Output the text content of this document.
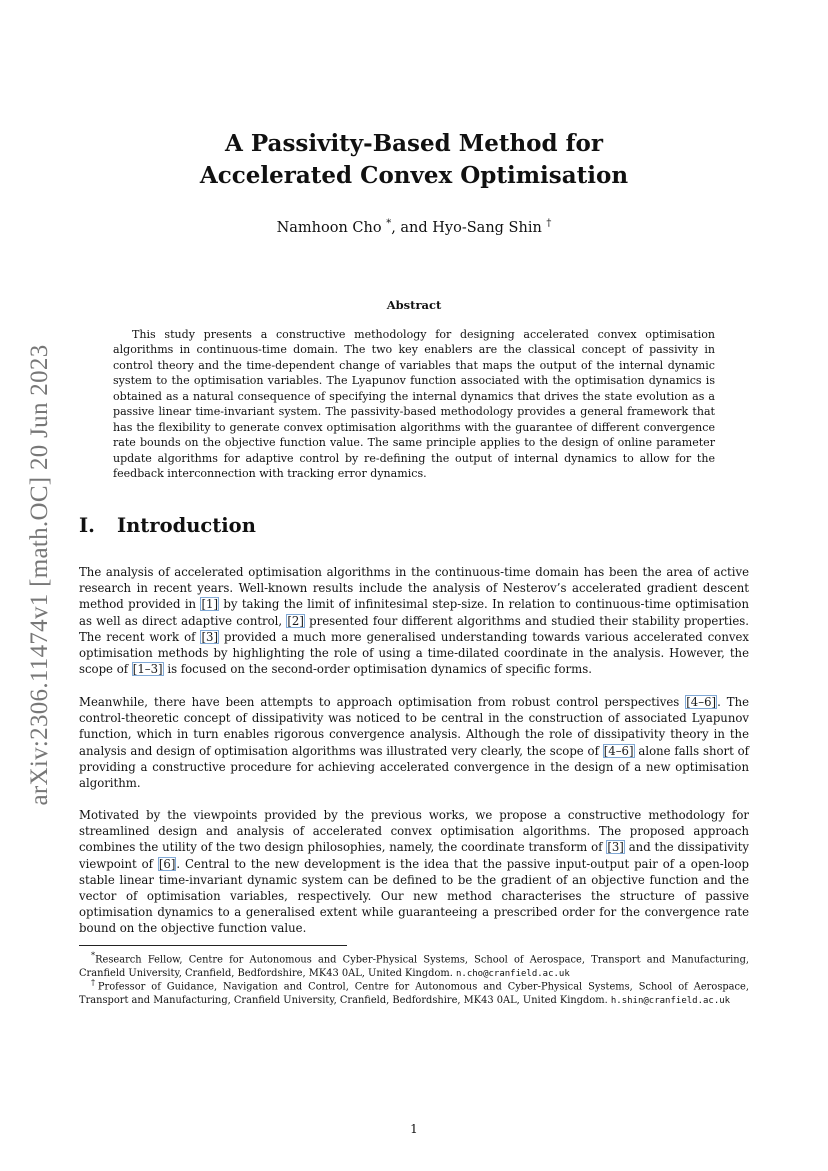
arXiv:2306.11474v1 [math.OC] 20 Jun 2023
A Passivity-Based Method for
Accelerated Convex Optimisation
Namhoon Cho *, and Hyo-Sang Shin †
Abstract

This study presents a constructive methodology for designing accelerated convex optimisation algorithms in continuous-time domain. The two key enablers are the classical concept of passivity in control theory and the time-dependent change of variables that maps the output of the internal dynamic system to the optimisation variables. The Lyapunov function associated with the optimisation dynamics is obtained as a natural consequence of specifying the internal dynamics that drives the state evolution as a passive linear time-invariant system. The passivity-based methodology provides a general framework that has the flexibility to generate convex optimisation algorithms with the guarantee of different convergence rate bounds on the objective function value. The same principle applies to the design of online parameter update algorithms for adaptive control by re-defining the output of internal dynamics to allow for the feedback interconnection with tracking error dynamics.

I. Introduction

The analysis of accelerated optimisation algorithms in the continuous-time domain has been the area of active research in recent years. Well-known results include the analysis of Nesterov’s accelerated gradient descent method provided in [1] by taking the limit of infinitesimal step-size. In relation to continuous-time optimisation as well as direct adaptive control, [2] presented four different algorithms and studied their stability properties. The recent work of [3] provided a much more generalised understanding towards various accelerated convex optimisation methods by highlighting the role of using a time-dilated coordinate in the analysis. However, the scope of [1–3] is focused on the second-order optimisation dynamics of specific forms.

Meanwhile, there have been attempts to approach optimisation from robust control perspectives [4–6]. The control-theoretic concept of dissipativity was noticed to be central in the construction of associated Lyapunov function, which in turn enables rigorous convergence analysis. Although the role of dissipativity theory in the analysis and design of optimisation algorithms was illustrated very clearly, the scope of [4–6] alone falls short of providing a constructive procedure for achieving accelerated convergence in the design of a new optimisation algorithm.

Motivated by the viewpoints provided by the previous works, we propose a constructive methodology for streamlined design and analysis of accelerated convex optimisation algorithms. The proposed approach combines the utility of the two design philosophies, namely, the coordinate transform of [3] and the dissipativity viewpoint of [6]. Central to the new development is the idea that the passive input-output pair of a open-loop stable linear time-invariant dynamic system can be defined to be the gradient of an objective function and the vector of optimisation variables, respectively. Our new method characterises the structure of passive optimisation dynamics to a generalised extent while guaranteeing a prescribed order for the convergence rate bound on the objective function value.

*Research Fellow, Centre for Autonomous and Cyber-Physical Systems, School of Aerospace, Transport and Manufacturing, Cranfield University, Cranfield, Bedfordshire, MK43 0AL, United Kingdom. n.cho@cranfield.ac.uk

†Professor of Guidance, Navigation and Control, Centre for Autonomous and Cyber-Physical Systems, School of Aerospace, Transport and Manufacturing, Cranfield University, Cranfield, Bedfordshire, MK43 0AL, United Kingdom. h.shin@cranfield.ac.uk

1
